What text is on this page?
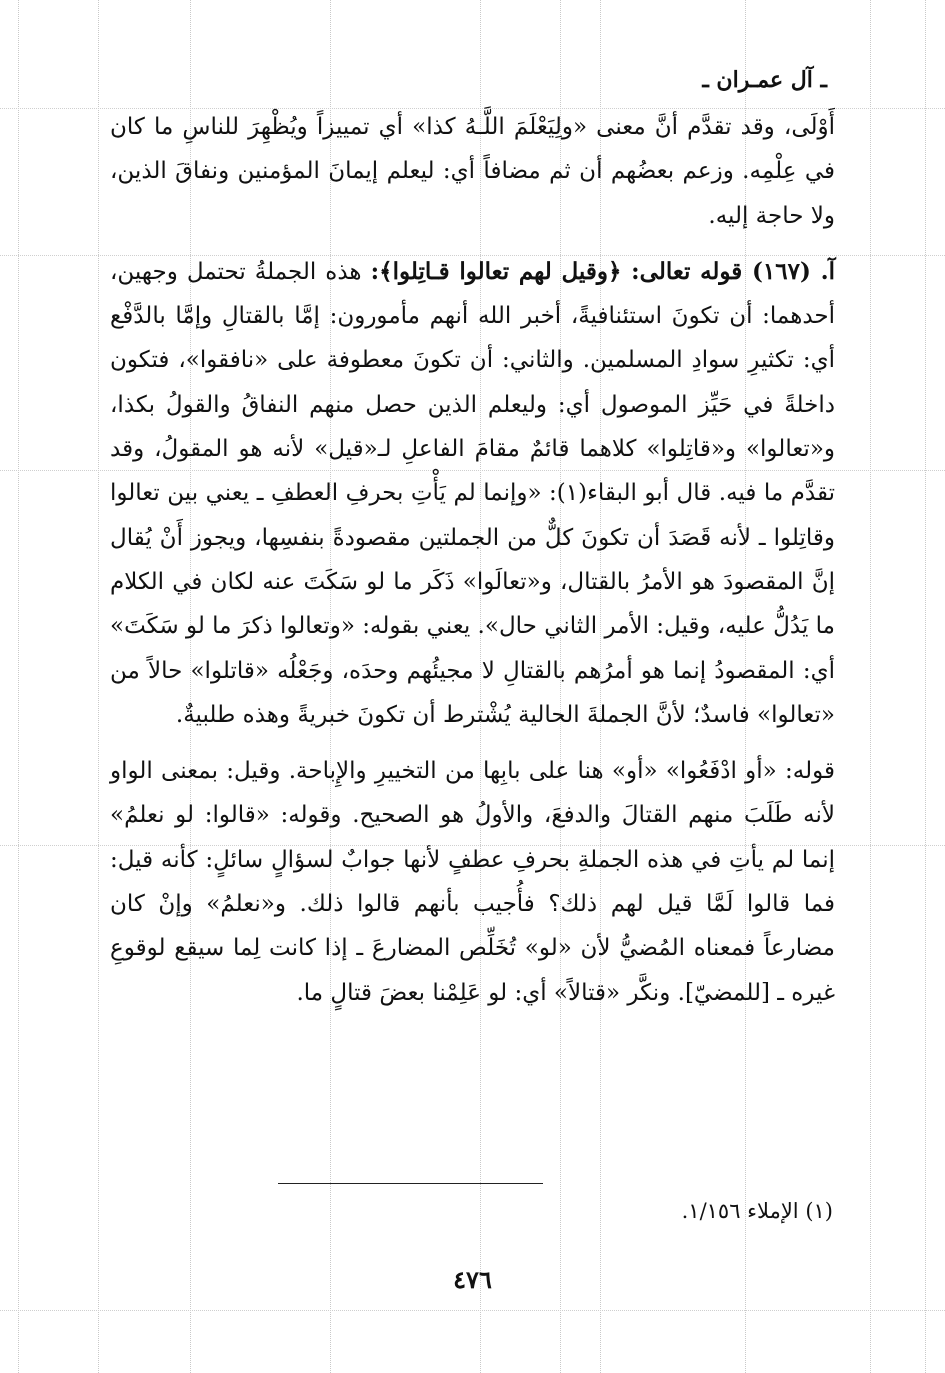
ـ آل عمـران ـ

أَوْلَى، وقد تقدَّم أنَّ معنى «ولِيَعْلَمَ اللَّـهُ كذا» أي تمييزاً ويُظْهِرَ للناسِ ما كان في عِلْمِه. وزعم بعضُهم أن ثم مضافاً أي: ليعلم إيمانَ المؤمنين ونفاقَ الذين، ولا حاجة إليه.

آ. (١٦٧) قوله تعالى: ﴿وقيل لهم تعالوا قـاتِلوا﴾: هذه الجملةُ تحتمل وجهين، أحدهما: أن تكونَ استئنافيةً، أخبر الله أنهم مأمورون: إمَّا بالقتالِ وإمَّا بالدَّفْع أي: تكثيرِ سوادِ المسلمين. والثاني: أن تكونَ معطوفة على «نافقوا»، فتكون داخلةً في حَيِّز الموصول أي: وليعلم الذين حصل منهم النفاقُ والقولُ بكذا، و«تعالوا» و«قاتِلوا» كلاهما قائمٌ مقامَ الفاعلِ لـ«قيل» لأنه هو المقولُ، وقد تقدَّم ما فيه. قال أبو البقاء(١): «وإنما لم يَأْتِ بحرفِ العطفِ ـ يعني بين تعالوا وقاتِلوا ـ لأنه قَصَدَ أن تكونَ كلٌّ من الجملتين مقصودةً بنفسِها، ويجوز أَنْ يُقال إنَّ المقصودَ هو الأمرُ بالقتال، و«تعالَوا» ذَكَر ما لو سَكَتَ عنه لكان في الكلام ما يَدُلُّ عليه، وقيل: الأمر الثاني حال». يعني بقوله: «وتعالوا ذكرَ ما لو سَكَتَ» أي: المقصودُ إنما هو أمرُهم بالقتالِ لا مجيئُهم وحدَه، وجَعْلُه «قاتلوا» حالاً من «تعالوا» فاسدٌ؛ لأنَّ الجملةَ الحالية يُشْترط أن تكونَ خبريةً وهذه طلبيةٌ.

قوله: «أو ادْفَعُوا» «أو» هنا على بابِها من التخييرِ والإِباحة. وقيل: بمعنى الواو لأنه طَلَبَ منهم القتالَ والدفعَ، والأولُ هو الصحيح. وقوله: «قالوا: لو نعلمُ» إنما لم يأتِ في هذه الجملةِ بحرفِ عطفٍ لأنها جوابٌ لسؤالٍ سائلٍ: كأنه قيل: فما قالوا لَمَّا قيل لهم ذلك؟ فأُجيب بأنهم قالوا ذلك. و«نعلمُ» وإنْ كان مضارعاً فمعناه المُضيُّ لأن «لو» تُخَلِّص المضارعَ ـ إذا كانت لِما سيقع لوقوعِ غيره ـ [للمضيّ]. ونكَّر «قتالاً» أي: لو عَلِمْنا بعضَ قتالٍ ما.

(١) الإملاء ١/١٥٦.
٤٧٦
